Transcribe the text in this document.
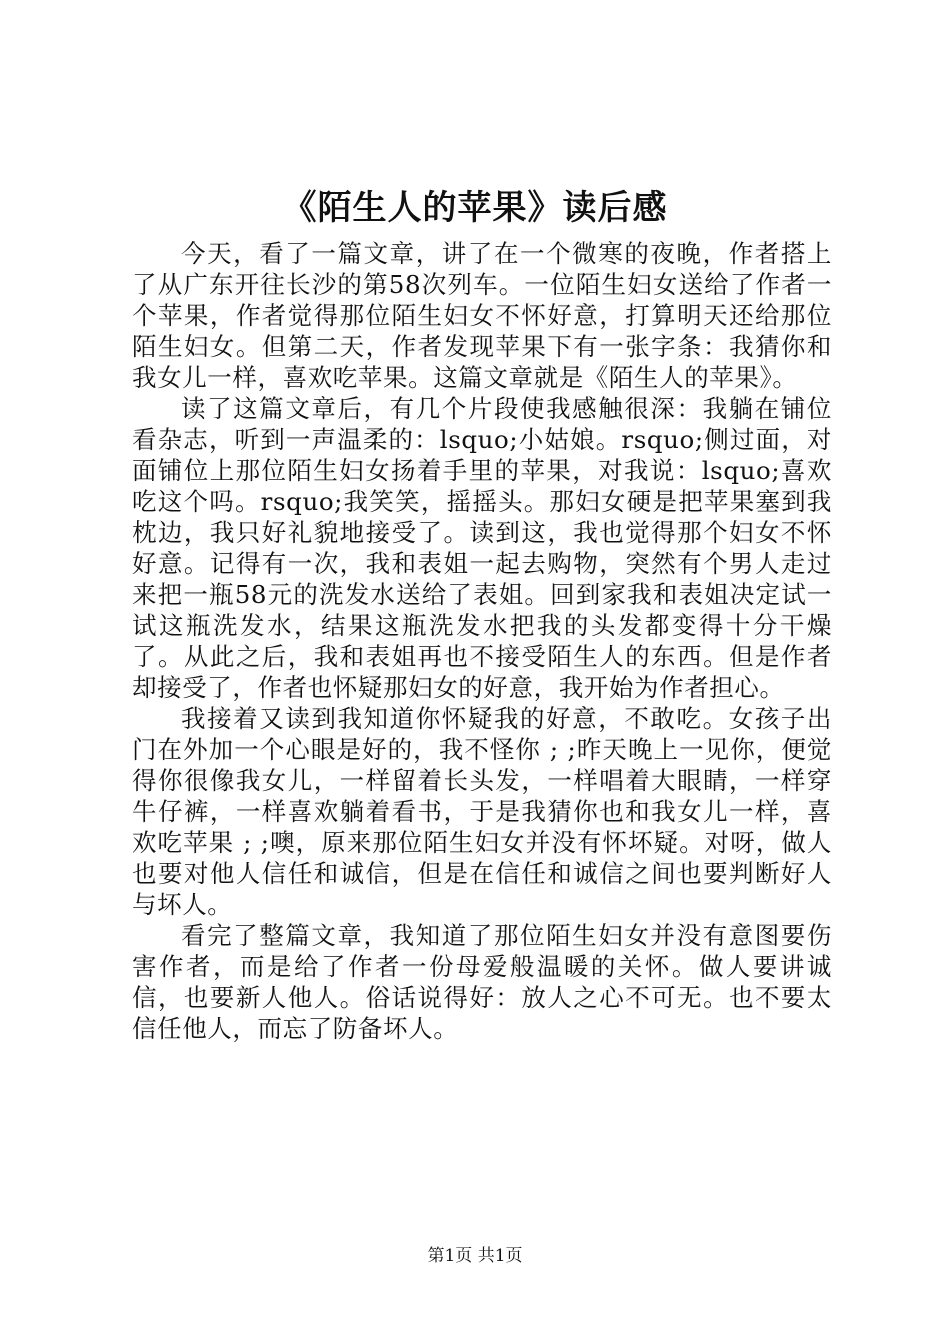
《陌生人的苹果》读后感

今天，看了一篇文章，讲了在一个微寒的夜晚，作者搭上了从广东开往长沙的第58次列车。一位陌生妇女送给了作者一个苹果，作者觉得那位陌生妇女不怀好意，打算明天还给那位陌生妇女。但第二天，作者发现苹果下有一张字条：我猜你和我女儿一样，喜欢吃苹果。这篇文章就是《陌生人的苹果》。

读了这篇文章后，有几个片段使我感触很深：我躺在铺位看杂志，听到一声温柔的：lsquo;小姑娘。rsquo;侧过面，对面铺位上那位陌生妇女扬着手里的苹果，对我说：lsquo;喜欢吃这个吗。rsquo;我笑笑，摇摇头。那妇女硬是把苹果塞到我枕边，我只好礼貌地接受了。读到这，我也觉得那个妇女不怀好意。记得有一次，我和表姐一起去购物，突然有个男人走过来把一瓶58元的洗发水送给了表姐。回到家我和表姐决定试一试这瓶洗发水，结果这瓶洗发水把我的头发都变得十分干燥了。从此之后，我和表姐再也不接受陌生人的东西。但是作者却接受了，作者也怀疑那妇女的好意，我开始为作者担心。

我接着又读到我知道你怀疑我的好意，不敢吃。女孩子出门在外加一个心眼是好的，我不怪你 ; ;昨天晚上一见你，便觉得你很像我女儿，一样留着长头发，一样唱着大眼睛，一样穿牛仔裤，一样喜欢躺着看书，于是我猜你也和我女儿一样，喜欢吃苹果 ; ;噢，原来那位陌生妇女并没有怀坏疑。对呀，做人也要对他人信任和诚信，但是在信任和诚信之间也要判断好人与坏人。

看完了整篇文章，我知道了那位陌生妇女并没有意图要伤害作者，而是给了作者一份母爱般温暖的关怀。做人要讲诚信，也要新人他人。俗话说得好：放人之心不可无。也不要太信任他人，而忘了防备坏人。

第1页 共1页
